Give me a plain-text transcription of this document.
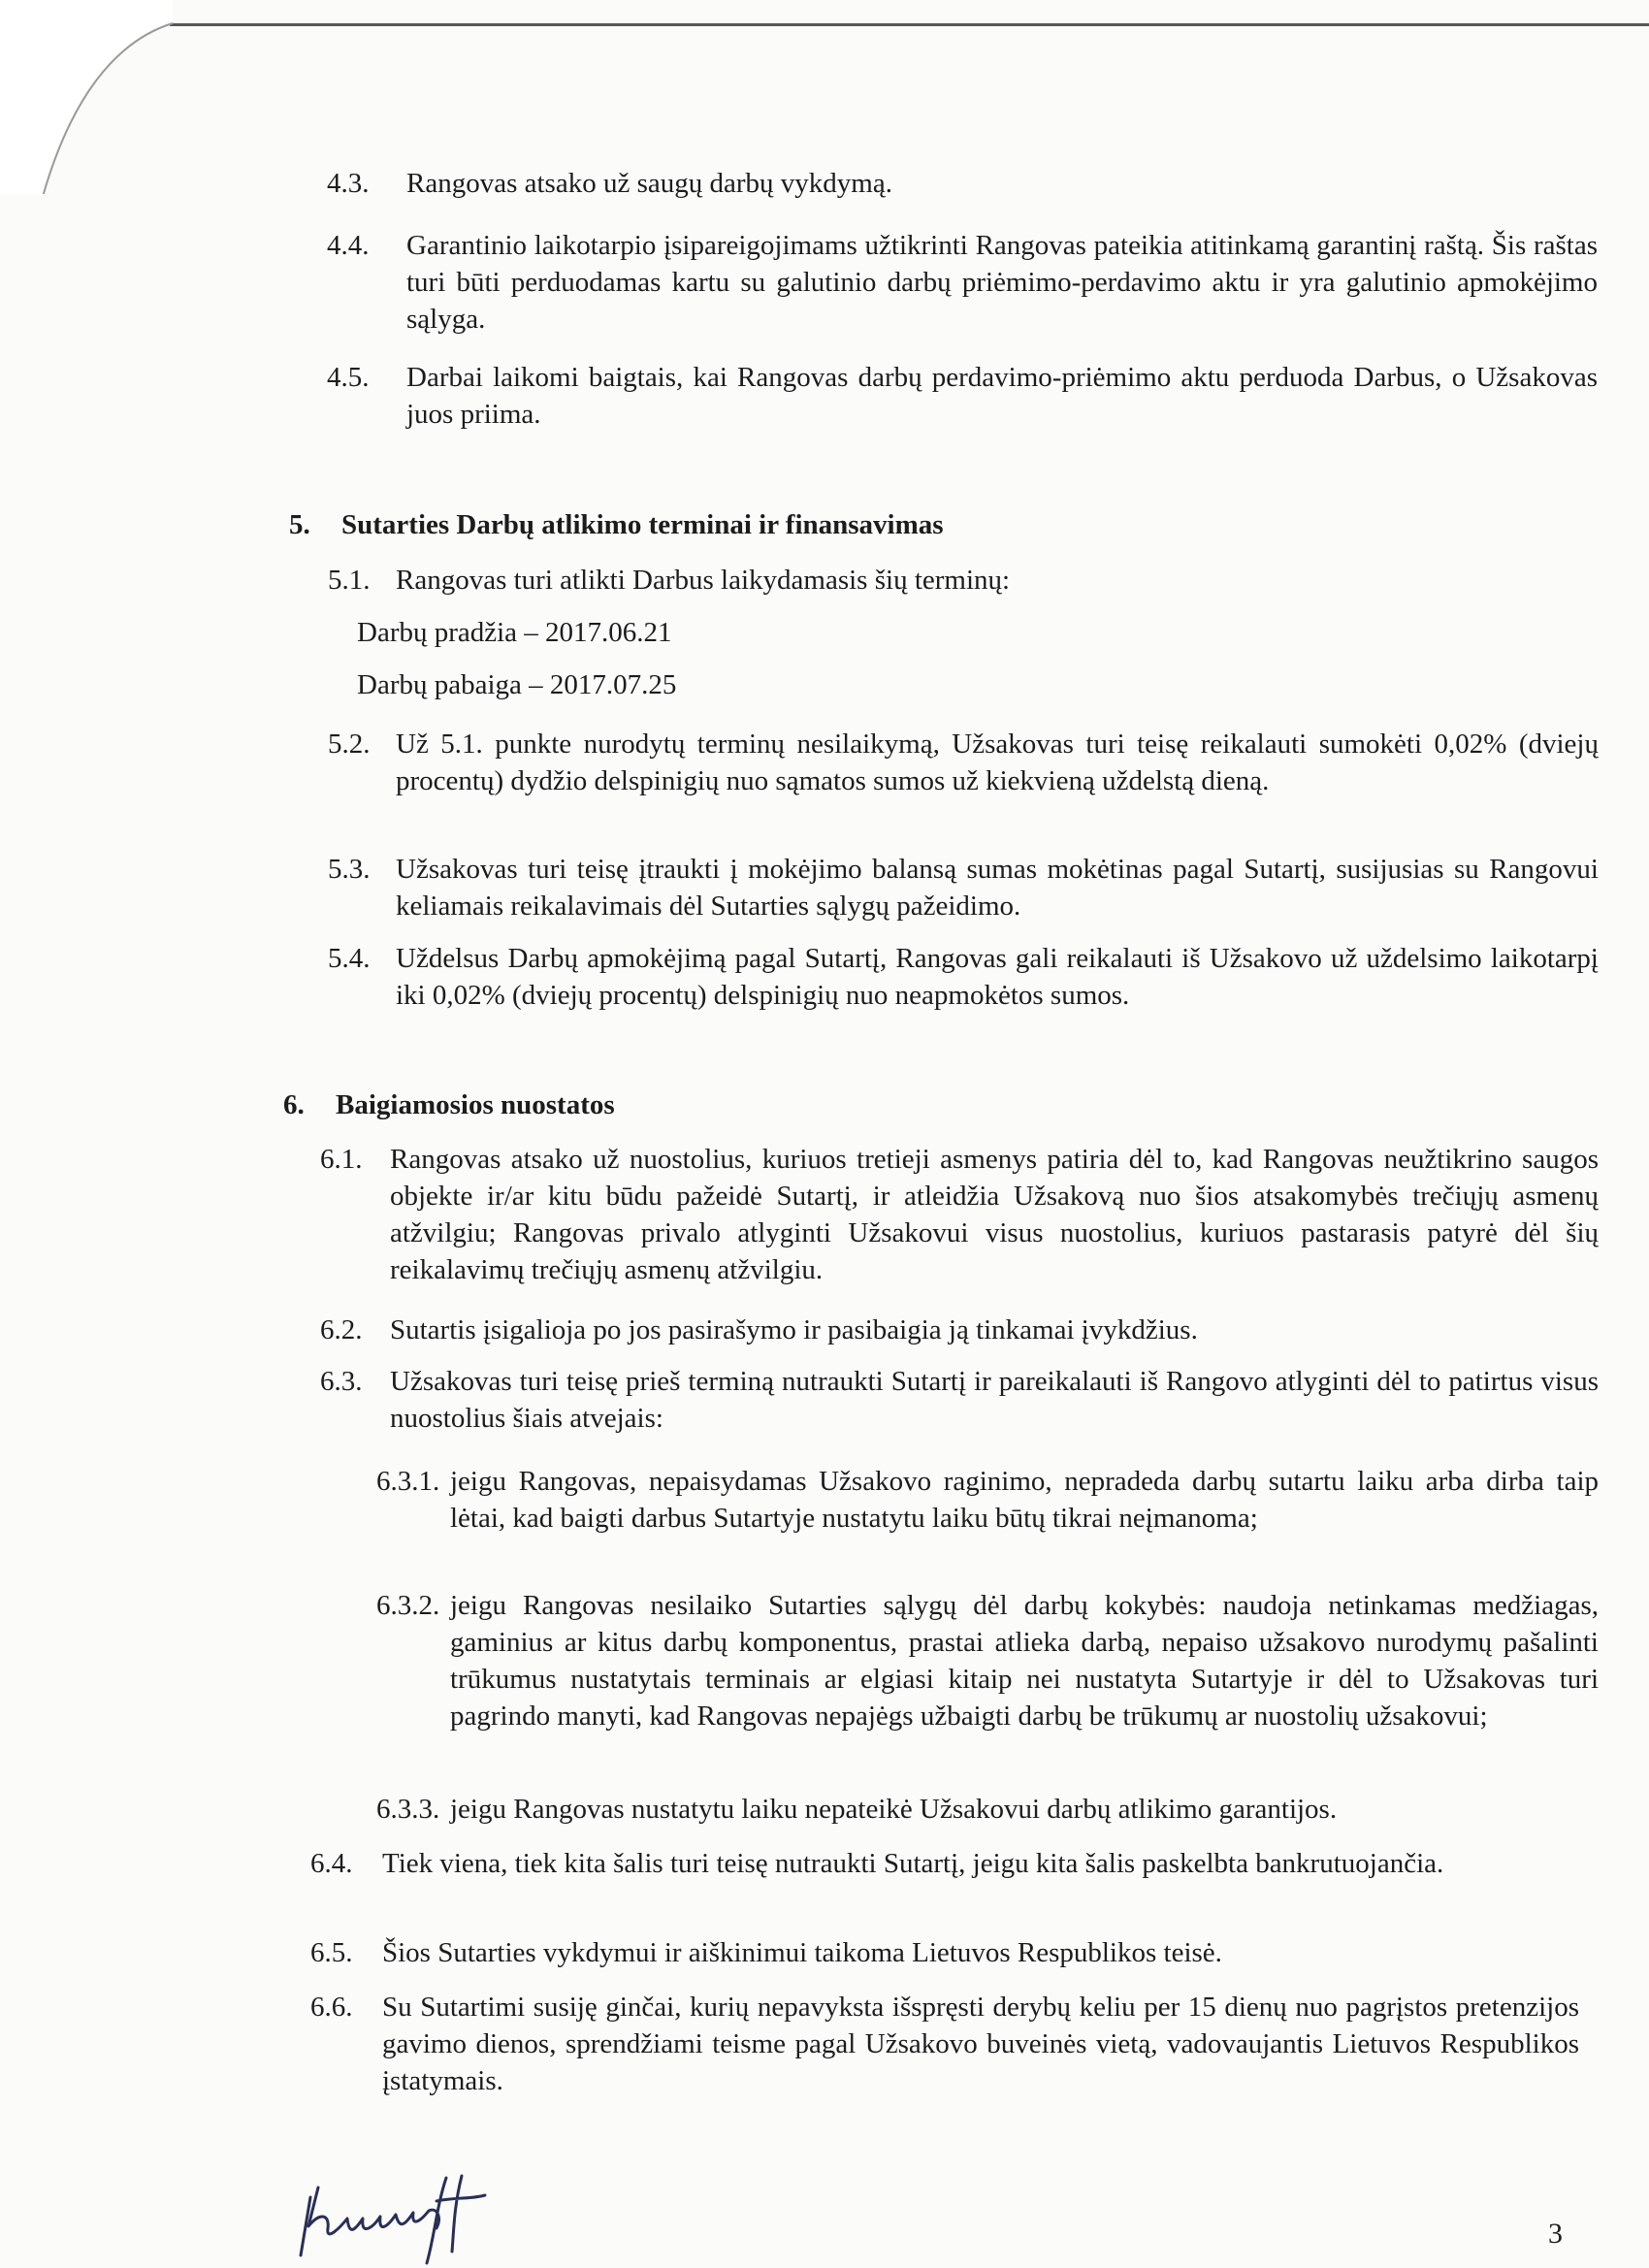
4.3.	Rangovas atsako už saugų darbų vykdymą.
4.4.	Garantinio laikotarpio įsipareigojimams užtikrinti Rangovas pateikia atitinkamą garantinį raštą. Šis raštas turi būti perduodamas kartu su galutinio darbų priėmimo-perdavimo aktu ir yra galutinio apmokėjimo sąlyga.
4.5.	Darbai laikomi baigtais, kai Rangovas darbų perdavimo-priėmimo aktu perduoda Darbus, o Užsakovas juos priima.
5.	Sutarties Darbų atlikimo terminai ir finansavimas
5.1. Rangovas turi atlikti Darbus laikydamasis šių terminų:
Darbų pradžia – 2017.06.21
Darbų pabaiga – 2017.07.25
5.2. Už 5.1. punkte nurodytų terminų nesilaikymą, Užsakovas turi teisę reikalauti sumokėti 0,02% (dviejų procentų) dydžio delspinigių nuo sąmatos sumos už kiekvieną uždelstą dieną.
5.3. Užsakovas turi teisę įtraukti į mokėjimo balansą sumas mokėtinas pagal Sutartį, susijusias su Rangovui keliamais reikalavimais dėl Sutarties sąlygų pažeidimo.
5.4. Uždelsus Darbų apmokėjimą pagal Sutartį, Rangovas gali reikalauti iš Užsakovo už uždelsimo laikotarpį iki 0,02% (dviejų procentų) delspinigių nuo neapmokėtos sumos.
6.	Baigiamosios nuostatos
6.1. Rangovas atsako už nuostolius, kuriuos tretieji asmenys patiria dėl to, kad Rangovas neužtikrino saugos objekte ir/ar kitu būdu pažeidė Sutartį, ir atleidžia Užsakovą nuo šios atsakomybės trečiųjų asmenų atžvilgiu; Rangovas privalo atlyginti Užsakovui visus nuostolius, kuriuos pastarasis patyrė dėl šių reikalavimų trečiųjų asmenų atžvilgiu.
6.2. Sutartis įsigalioja po jos pasirašymo ir pasibaigia ją tinkamai įvykdžius.
6.3. Užsakovas turi teisę prieš terminą nutraukti Sutartį ir pareikalauti iš Rangovo atlyginti dėl to patirtus visus nuostolius šiais atvejais:
6.3.1. jeigu Rangovas, nepaisydamas Užsakovo raginimo, nepradeda darbų sutartu laiku arba dirba taip lėtai, kad baigti darbus Sutartyje nustatytu laiku būtų tikrai neįmanoma;
6.3.2. jeigu Rangovas nesilaiko Sutarties sąlygų dėl darbų kokybės: naudoja netinkamas medžiagas, gaminius ar kitus darbų komponentus, prastai atlieka darbą, nepaiso užsakovo nurodymų pašalinti trūkumus nustatytais terminais ar elgiasi kitaip nei nustatyta Sutartyje ir dėl to Užsakovas turi pagrindo manyti, kad Rangovas nepajėgs užbaigti darbų be trūkumų ar nuostolių užsakovui;
6.3.3. jeigu Rangovas nustatytu laiku nepateikė Užsakovui darbų atlikimo garantijos.
6.4.	Tiek viena, tiek kita šalis turi teisę nutraukti Sutartį, jeigu kita šalis paskelbta bankrutuojančia.
6.5.	Šios Sutarties vykdymui ir aiškinimui taikoma Lietuvos Respublikos teisė.
6.6.	Su Sutartimi susiję ginčai, kurių nepavyksta išspręsti derybų keliu per 15 dienų nuo pagrįstos pretenzijos gavimo dienos, sprendžiami teisme pagal Užsakovo buveinės vietą, vadovaujantis Lietuvos Respublikos įstatymais.
3
